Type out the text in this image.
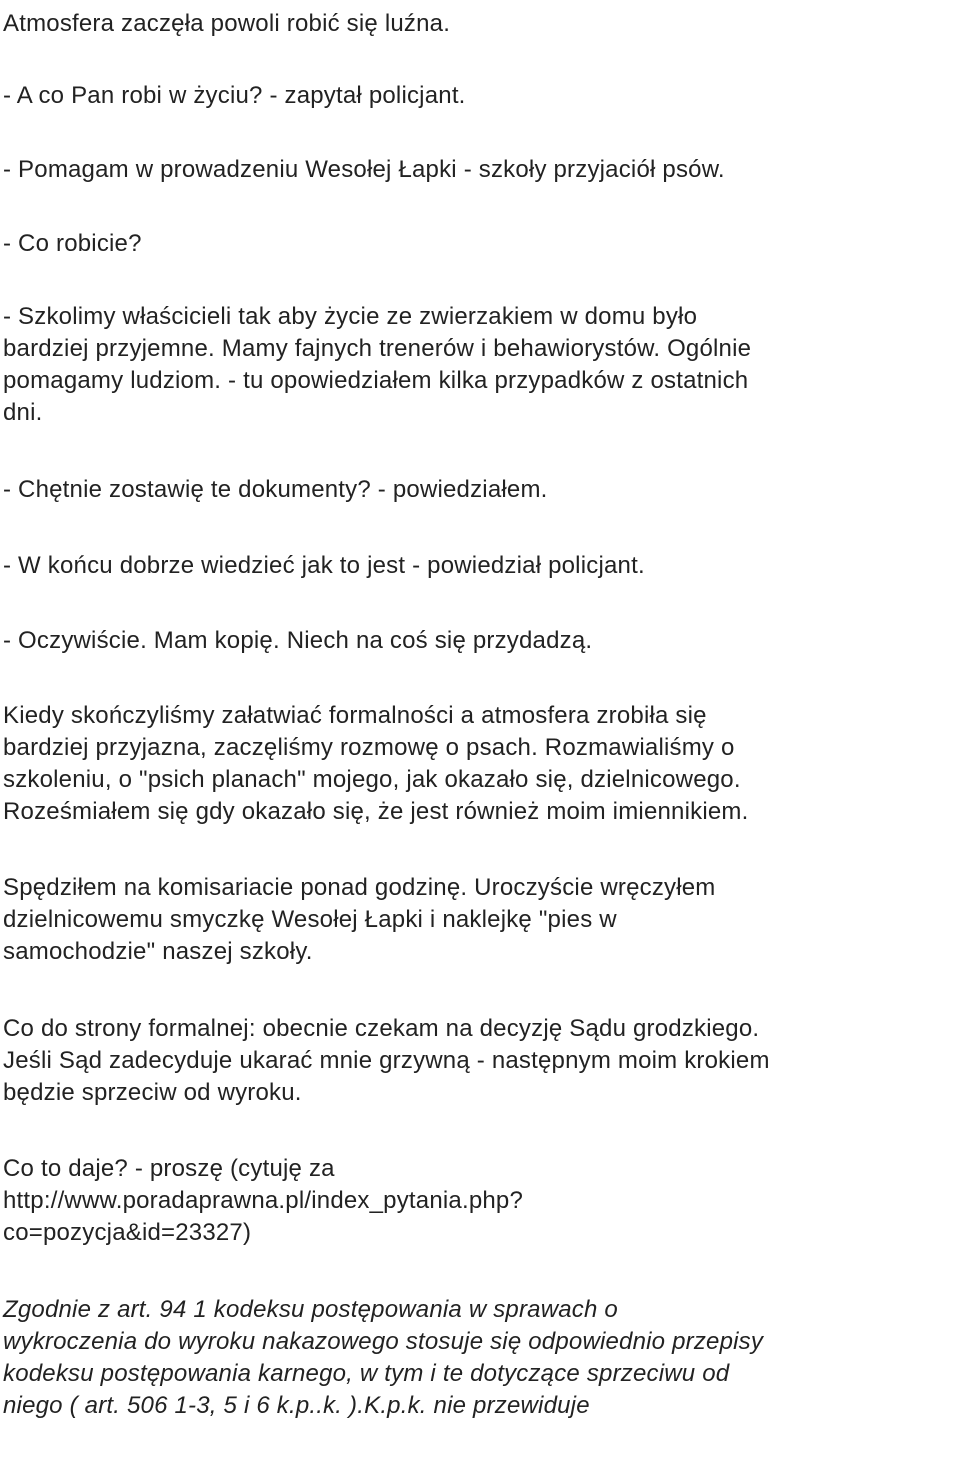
Atmosfera zaczęła powoli robić się luźna.

- A co Pan robi w życiu? - zapytał policjant.

- Pomagam w prowadzeniu Wesołej Łapki - szkoły przyjaciół psów.

- Co robicie?

- Szkolimy właścicieli tak aby życie ze zwierzakiem w domu było
bardziej przyjemne. Mamy fajnych trenerów i behawiorystów. Ogólnie
pomagamy ludziom. - tu opowiedziałem kilka przypadków z ostatnich
dni.

- Chętnie zostawię te dokumenty? - powiedziałem.

- W końcu dobrze wiedzieć jak to jest - powiedział policjant.

- Oczywiście. Mam kopię. Niech na coś się przydadzą.

Kiedy skończyliśmy załatwiać formalności a atmosfera zrobiła się
bardziej przyjazna, zaczęliśmy rozmowę o psach. Rozmawialiśmy o
szkoleniu, o "psich planach" mojego, jak okazało się, dzielnicowego.
Roześmiałem się gdy okazało się, że jest również moim imiennikiem.

Spędziłem na komisariacie ponad godzinę. Uroczyście wręczyłem
dzielnicowemu smyczkę Wesołej Łapki i naklejkę "pies w
samochodzie" naszej szkoły.

Co do strony formalnej: obecnie czekam na decyzję Sądu grodzkiego.
Jeśli Sąd zadecyduje ukarać mnie grzywną - następnym moim krokiem
będzie sprzeciw od wyroku.

Co to daje? - proszę (cytuję za
http://www.poradaprawna.pl/index_pytania.php?
co=pozycja&id=23327)

Zgodnie z art. 94 1 kodeksu postępowania w sprawach o
wykroczenia do wyroku nakazowego stosuje się odpowiednio przepisy
kodeksu postępowania karnego, w tym i te dotyczące sprzeciwu od
niego ( art. 506 1-3, 5 i 6 k.p..k. ).K.p.k. nie przewiduje
